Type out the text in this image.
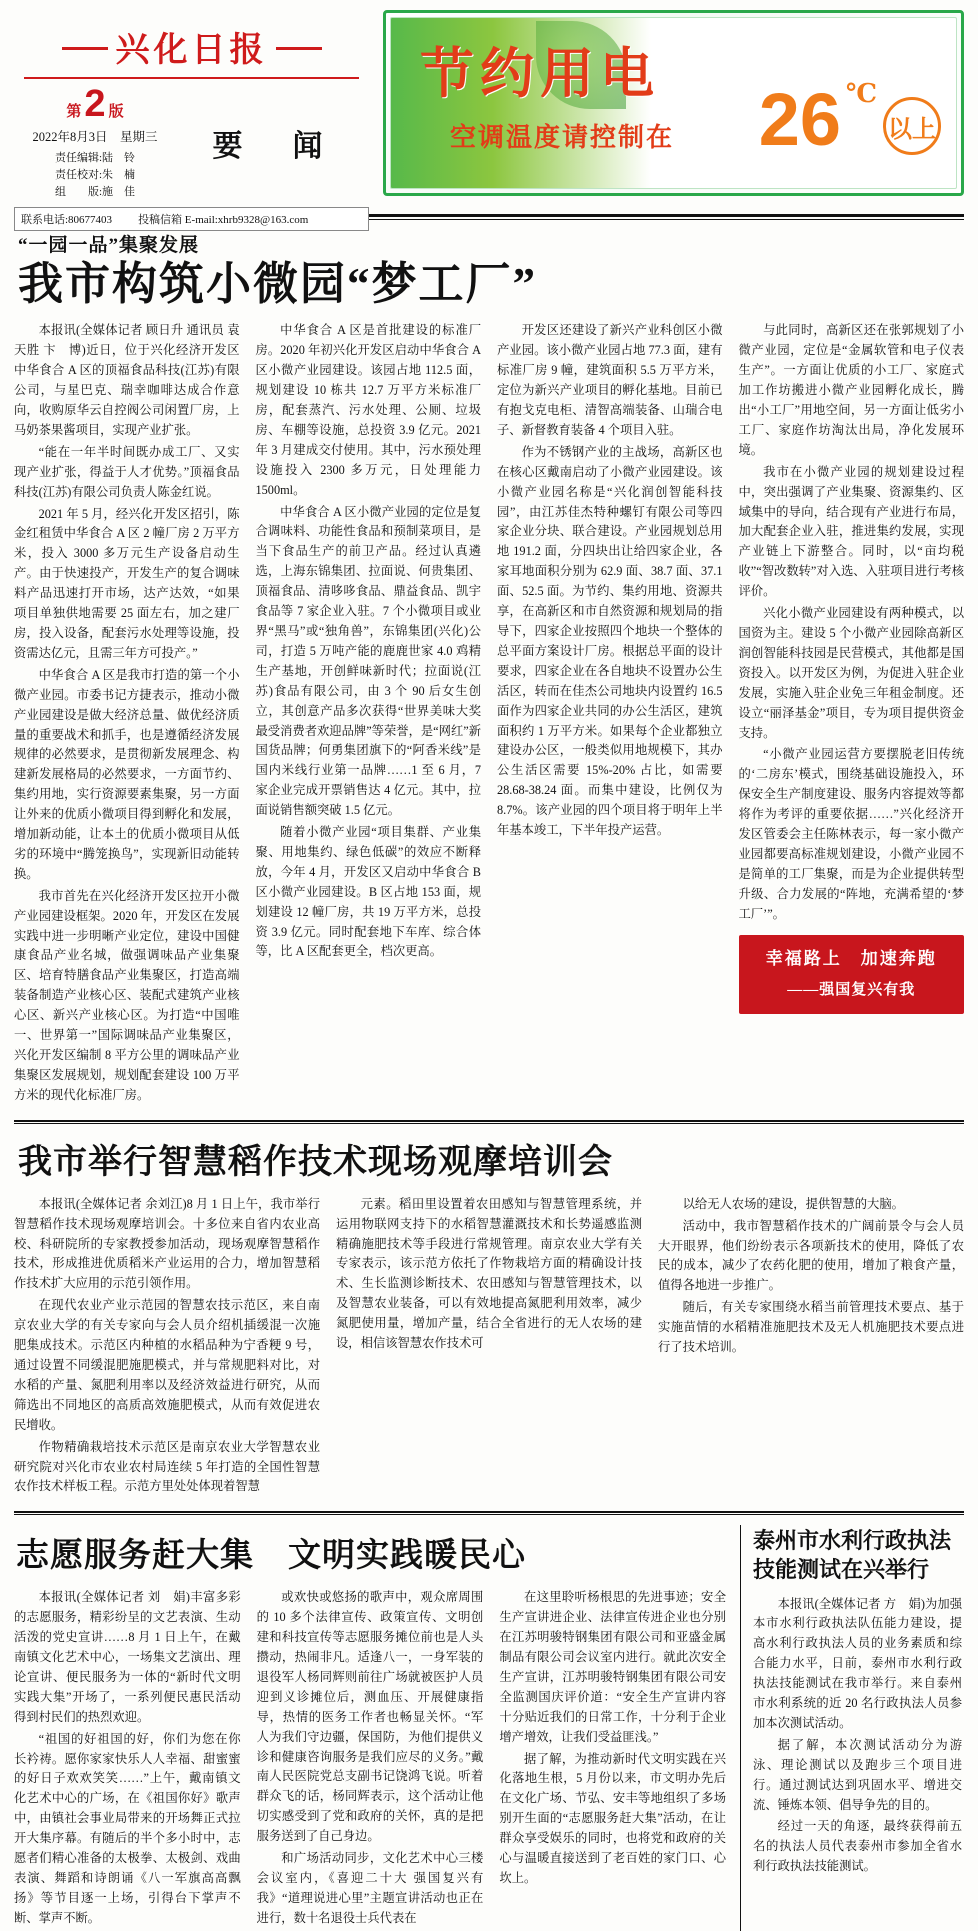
兴化日报
第 2 版
2022年8月3日　星期三
责任编辑:陆　铃
责任校对:朱　楠
组　　版:施　佳
要　闻
联系电话:80677403 投稿信箱 E-mail:xhrb9328@163.com
节约用电
空调温度请控制在 26 ℃
以上
“一园一品”集聚发展
我市构筑小微园“梦工厂”

本报讯(全媒体记者 顾日升 通讯员 袁天胜 卞　博)近日，位于兴化经济开发区中华食合 A 区的顶福食品科技(江苏)有限公司，与星巴克、瑞幸咖啡达成合作意向，收购原华云自控阀公司闲置厂房，上马奶茶果酱项目，实现产业扩张。

“能在一年半时间既办成工厂、又实现产业扩张，得益于人才优势。”顶福食品科技(江苏)有限公司负责人陈金红说。

2021 年 5 月，经兴化开发区招引，陈金红租赁中华食合 A 区 2 幢厂房 2 万平方米，投入 3000 多万元生产设备启动生产。由于快速投产，开发生产的复合调味料产品迅速打开市场，达产达效，“如果项目单独供地需要 25 面左右，加之建厂房，投入设备，配套污水处理等设施，投资需达亿元，且需三年方可投产。”

中华食合 A 区是我市打造的第一个小微产业园。市委书记方捷表示，推动小微产业园建设是做大经济总量、做优经济质量的重要战术和抓手，也是遵循经济发展规律的必然要求，是贯彻新发展理念、构建新发展格局的必然要求，一方面节约、集约用地，实行资源要素集聚，另一方面让外来的优质小微项目得到孵化和发展，增加新动能，让本土的优质小微项目从低劣的环境中“腾笼换鸟”，实现新旧动能转换。

我市首先在兴化经济开发区拉开小微产业园建设框架。2020 年，开发区在发展实践中进一步明晰产业定位，建设中国健康食品产业名城，做强调味品产业集聚区、培育特膳食品产业集聚区，打造高端装备制造产业核心区、装配式建筑产业核心区、新兴产业核心区。为打造“中国唯一、世界第一”国际调味品产业集聚区，兴化开发区编制 8 平方公里的调味品产业集聚区发展规划，规划配套建设 100 万平方米的现代化标准厂房。

中华食合 A 区是首批建设的标准厂房。2020 年初兴化开发区启动中华食合 A 区小微产业园建设。该园占地 112.5 面，规划建设 10 栋共 12.7 万平方米标准厂房，配套蒸汽、污水处理、公厕、垃圾房、车棚等设施，总投资 3.9 亿元。2021 年 3 月建成交付使用。其中，污水预处理设施投入 2300 多万元，日处理能力 1500ml。

中华食合 A 区小微产业园的定位是复合调味料、功能性食品和预制菜项目，是当下食品生产的前卫产品。经过认真遴选，上海东锦集团、拉面说、何贵集团、顶福食品、清哆哆食品、鼎益食品、凯宇食品等 7 家企业入驻。7 个小微项目或业界“黑马”或“独角兽”，东锦集团(兴化)公司，打造 5 万吨产能的鹿鹿世家 4.0 鸡精生产基地，开创鲜味新时代；拉面说(江苏)食品有限公司，由 3 个 90 后女生创立，其创意产品多次获得“世界美味大奖 最受消费者欢迎品牌”等荣誉，是“网红”新国货品牌；何勇集团旗下的“阿香米线”是国内米线行业第一品牌……1 至 6 月，7 家企业完成开票销售达 4 亿元。其中，拉面说销售额突破 1.5 亿元。

随着小微产业园“项目集群、产业集聚、用地集约、绿色低碳”的效应不断释放，今年 4 月，开发区又启动中华食合 B 区小微产业园建设。B 区占地 153 面，规划建设 12 幢厂房，共 19 万平方米，总投资 3.9 亿元。同时配套地下车库、综合体等，比 A 区配套更全，档次更高。

开发区还建设了新兴产业科创区小微产业园。该小微产业园占地 77.3 面，建有标准厂房 9 幢，建筑面积 5.5 万平方米，定位为新兴产业项目的孵化基地。目前已有抱戈克电柜、清智高端装备、山瑞合电子、新督教育装备 4 个项目入驻。

作为不锈钢产业的主战场，高新区也在核心区戴南启动了小微产业园建设。该小微产业园名称是“兴化润创智能科技园”，由江苏佳杰特种螺钉有限公司等四家企业分块、联合建设。产业园规划总用地 191.2 面，分四块出让给四家企业，各家耳地面积分别为 62.9 面、38.7 面、37.1 面、52.5 面。为节约、集约用地、资源共享，在高新区和市自然资源和规划局的指导下，四家企业按照四个地块一个整体的总平面方案设计厂房。根据总平面的设计要求，四家企业在各自地块不设置办公生活区，转而在佳杰公司地块内设置约 16.5 面作为四家企业共同的办公生活区，建筑面积约 1 万平方米。如果每个企业都独立建设办公区，一般类似用地规模下，其办公生活区需要 15%-20% 占比，如需要 28.68-38.24 面。而集中建设，比例仅为 8.7%。该产业园的四个项目将于明年上半年基本竣工，下半年投产运营。

与此同时，高新区还在张郭规划了小微产业园，定位是“金属软管和电子仪表生产”。一方面让优质的小工厂、家庭式加工作坊搬进小微产业园孵化成长，腾出“小工厂”用地空间，另一方面让低劣小工厂、家庭作坊淘汰出局，净化发展环境。

我市在小微产业园的规划建设过程中，突出强调了产业集聚、资源集约、区域集中的导向，结合现有产业进行布局，加大配套企业入驻，推进集约发展，实现产业链上下游整合。同时，以“亩均税收”“智改数转”对入选、入驻项目进行考核评价。

兴化小微产业园建设有两种模式，以国资为主。建设 5 个小微产业园除高新区润创智能科技园是民营模式，其他都是国资投入。以开发区为例，为促进入驻企业发展，实施入驻企业免三年租金制度。还设立“丽泽基金”项目，专为项目提供资金支持。

“小微产业园运营方要摆脱老旧传统的‘二房东’模式，围绕基础设施投入，环保安全生产制度建设、服务内容提效等都将作为考评的重要依据……”兴化经济开发区管委会主任陈林表示，每一家小微产业园都要高标准规划建设，小微产业园不是简单的工厂集聚，而是为企业提供转型升级、合力发展的“阵地，充满希望的‘梦工厂’”。

幸福路上　加速奔跑
——强国复兴有我
我市举行智慧稻作技术现场观摩培训会

本报讯(全媒体记者 余刘江)8 月 1 日上午，我市举行智慧稻作技术现场观摩培训会。十多位来自省内农业高校、科研院所的专家教授参加活动，现场观摩智慧稻作技术，形成推进优质稻米产业运用的合力，增加智慧稻作技术扩大应用的示范引领作用。

在现代农业产业示范园的智慧农技示范区，来自南京农业大学的有关专家向与会人员介绍机插缓混一次施肥集成技术。示范区内种植的水稻品种为宁香粳 9 号，通过设置不同缓混肥施肥模式，并与常规肥料对比，对水稻的产量、氮肥利用率以及经济效益进行研究，从而筛选出不同地区的高质高效施肥模式，从而有效促进农民增收。

作物精确栽培技术示范区是南京农业大学智慧农业研究院对兴化市农业农村局连续 5 年打造的全国性智慧农作技术样板工程。示范方里处处体现着智慧

元素。稻田里设置着农田感知与智慧管理系统，并运用物联网支持下的水稻智慧灌溉技术和长势遥感监测精确施肥技术等手段进行常规管理。南京农业大学有关专家表示，该示范方依托了作物栽培方面的精确设计技术、生长监测诊断技术、农田感知与智慧管理技术，以及智慧农业装备，可以有效地提高氮肥利用效率，减少氮肥使用量，增加产量，结合全省进行的无人农场的建设，相信该智慧农作技术可

以给无人农场的建设，提供智慧的大脑。

活动中，我市智慧稻作技术的广阔前景令与会人员大开眼界，他们纷纷表示各项新技术的使用，降低了农民的成本，减少了农药化肥的使用，增加了粮食产量，值得各地进一步推广。

随后，有关专家围绕水稻当前管理技术要点、基于实施苗情的水稻精准施肥技术及无人机施肥技术要点进行了技术培训。

志愿服务赶大集　文明实践暖民心

本报讯(全媒体记者 刘　娟)丰富多彩的志愿服务，精彩纷呈的文艺表演、生动活泼的党史宣讲……8 月 1 日上午，在戴南镇文化艺术中心，一场集文艺演出、理论宣讲、便民服务为一体的“新时代文明实践大集”开场了，一系列便民惠民活动得到村民们的热烈欢迎。

“祖国的好祖国的好，你们为您在你长衿祷。愿你家家快乐人人幸福、甜蜜蜜的好日子欢欢笑笑……”上午，戴南镇文化艺术中心的广场，在《祖国你好》歌声中，由镇社会事业局带来的开场舞正式拉开大集序幕。有随后的半个多小时中，志愿者们精心准备的太极拳、太极剑、戏曲表演、舞蹈和诗朗诵《八一军旗高高飘扬》等节目逐一上场，引得台下掌声不断、掌声不断。

或欢快或悠扬的歌声中，观众席周围的 10 多个法律宣传、政策宣传、文明创建和科技宣传等志愿服务摊位前也是人头攒动，热闹非凡。适逢八一，一身军装的退役军人杨同辉则前往广场就被医护人员迎到义诊摊位后，测血压、开展健康指导，热情的医务工作者也畅显关怀。“军人为我们守边疆，保国防，为他们提供义诊和健康咨询服务是我们应尽的义务。”戴南人民医院党总支副书记饶鸿飞说。听着群众飞的话，杨同辉表示，这个活动让他切实感受到了党和政府的关怀，真的是把服务送到了自己身边。

和广场活动同步，文化艺术中心三楼会议室内，《喜迎二十大 强国复兴有我》“道理说进心里”主题宣讲活动也正在进行，数十名退役士兵代表在

在这里聆听杨根思的先进事迹；安全生产宣讲进企业、法律宣传进企业也分别在江苏明骏特钢集团有限公司和亚盛金属制品有限公司会议室内进行。就此次安全生产宣讲，江苏明骏特钢集团有限公司安全监测国庆评价道：“安全生产宣讲内容十分贴近我们的日常工作，十分利于企业增产增效，让我们受益匪浅。”

据了解，为推动新时代文明实践在兴化落地生根，5 月份以来，市文明办先后在文化广场、节弘、安丰等地组织了多场别开生面的“志愿服务赶大集”活动，在让群众享受娱乐的同时，也将党和政府的关心与温暖直接送到了老百姓的家门口、心坎上。

泰州市水利行政执法技能测试在兴举行

本报讯(全媒体记者 方　娟)为加强本市水利行政执法队伍能力建设，提高水利行政执法人员的业务素质和综合能力水平，日前，泰州市水利行政执法技能测试在我市举行。来自泰州市水利系统的近 20 名行政执法人员参加本次测试活动。

据了解，本次测试活动分为游泳、理论测试以及跑步三个项目进行。通过测试达到巩固水平、增进交流、锤炼本领、倡导争先的目的。

经过一天的角逐，最终获得前五名的执法人员代表泰州市参加全省水利行政执法技能测试。
